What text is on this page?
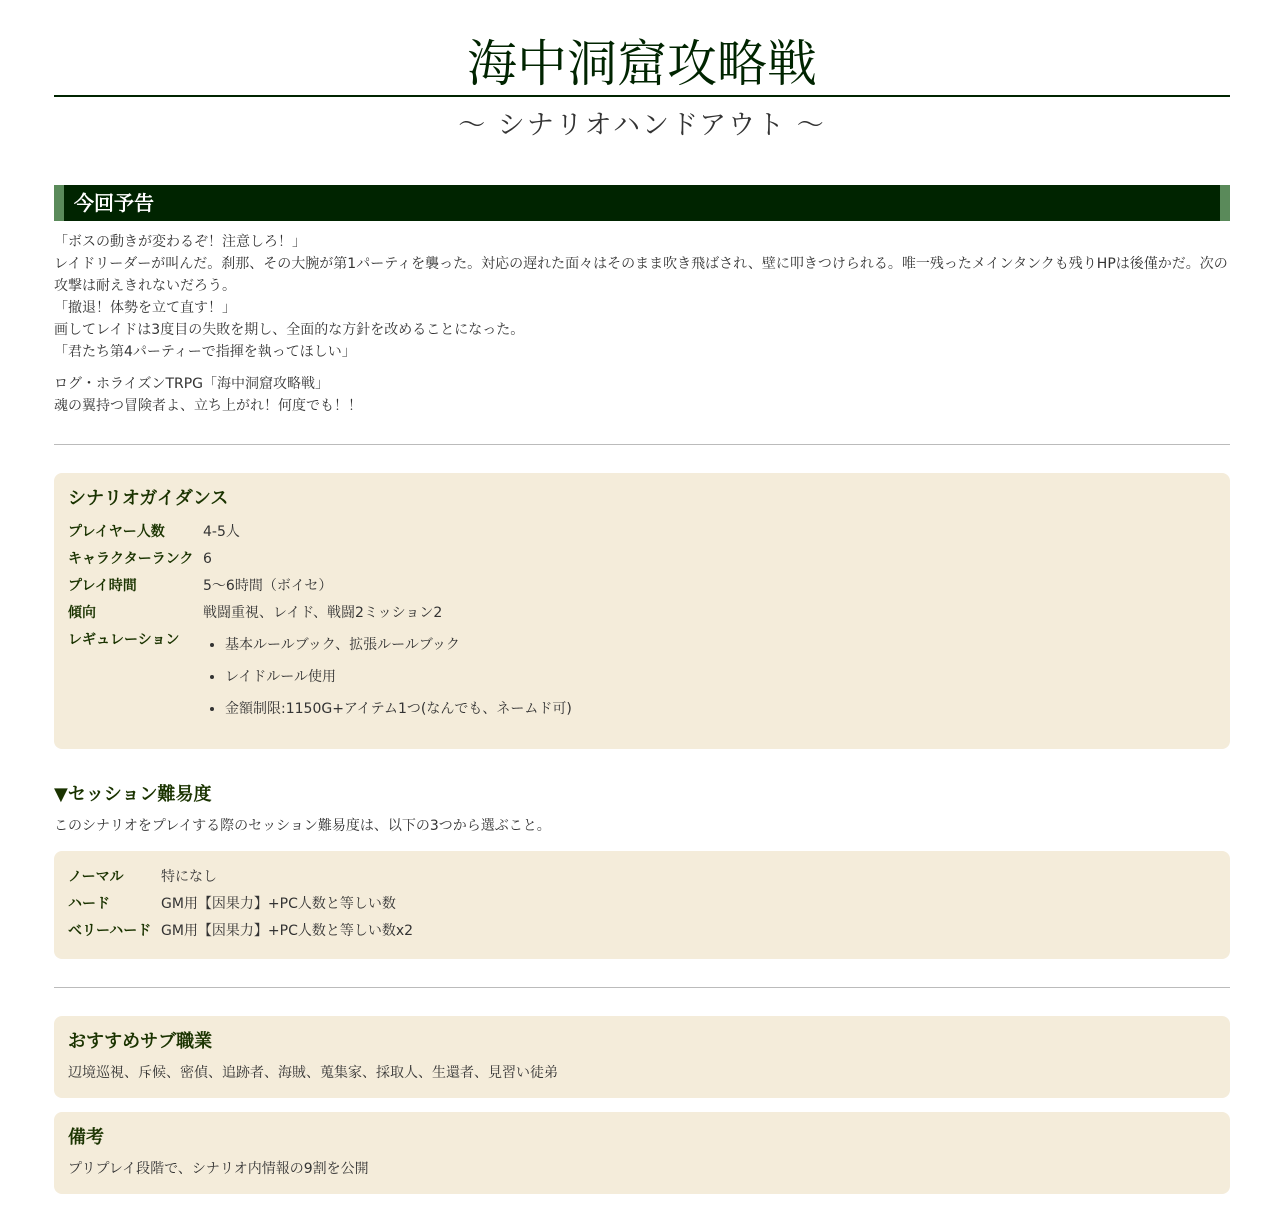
海中洞窟攻略戦
～ シナリオハンドアウト ～
今回予告

「ボスの動きが変わるぞ！注意しろ！」

レイドリーダーが叫んだ。刹那、その大腕が第1パーティを襲った。対応の遅れた面々はそのまま吹き飛ばされ、壁に叩きつけられる。唯一残ったメインタンクも残りHPは後僅かだ。次の攻撃は耐えきれないだろう。

「撤退！体勢を立て直す！」

画してレイドは3度目の失敗を期し、全面的な方針を改めることになった。

「君たち第4パーティーで指揮を執ってほしい」

ログ・ホライズンTRPG「海中洞窟攻略戦」

魂の翼持つ冒険者よ、立ち上がれ！何度でも！！

シナリオガイダンス
プレイヤー人数	4-5人
キャラクターランク 6
プレイ時間	5～6時間（ボイセ）
傾向	戦闘重視、レイド、戦闘2ミッション2
レギュレーション
•	基本ルールブック、拡張ルールブック
• レイドルール使用
• 金額制限:1150G+アイテム1つ(なんでも、ネームド可)
▼セッション難易度
このシナリオをプレイする際のセッション難易度は、以下の3つから選ぶこと。
ノーマル	特になし
ハード	GM用【因果力】+PC人数と等しい数
ベリーハード GM用【因果力】+PC人数と等しい数x2
おすすめサブ職業
辺境巡視、斥候、密偵、追跡者、海賊、蒐集家、採取人、生還者、見習い徒弟
備考
プリプレイ段階で、シナリオ内情報の9割を公開
